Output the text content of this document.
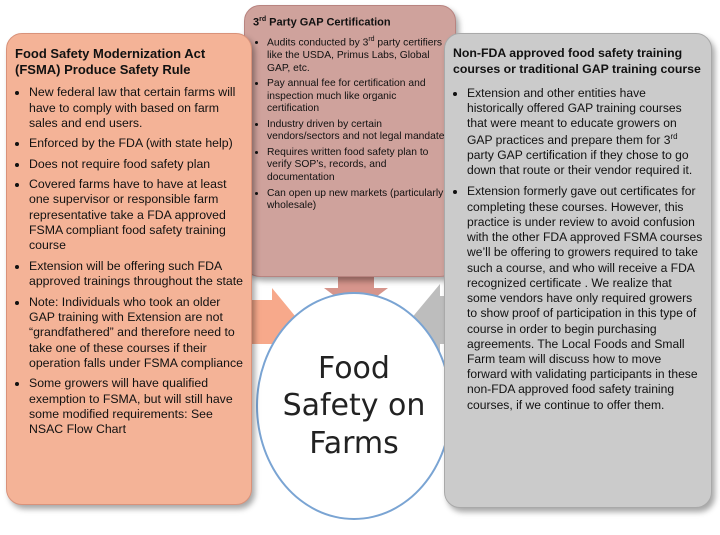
Food Safety on Farms
3rd Party GAP Certification
• Audits conducted by 3rd party certifiers like the USDA, Primus Labs, Global GAP, etc.
• Pay annual fee for certification and inspection much like organic certification
• Industry driven by certain vendors/sectors and not legal mandate
• Requires written food safety plan to verify SOP’s, records, and documentation
• Can open up new markets (particularly wholesale)
Food Safety Modernization Act (FSMA) Produce Safety Rule
• New federal law that certain farms will have to comply with based on farm sales and end users.
• Enforced by the FDA (with state help)
• Does not require food safety plan
• Covered farms have to have at least one supervisor or responsible farm representative take a FDA approved FSMA compliant food safety training course
• Extension will be offering such FDA approved trainings throughout the state
• Note: Individuals who took an older GAP training with Extension are not “grandfathered” and therefore need to take one of these courses if their operation falls under FSMA compliance
• Some growers will have qualified exemption to FSMA, but will still have some modified requirements: See NSAC Flow Chart
Non-FDA approved food safety training courses or traditional GAP training course
• Extension and other entities have historically offered GAP training courses that were meant to educate growers on GAP practices and prepare them for 3rd party GAP certification if they chose to go down that route or their vendor required it.
• Extension formerly gave out certificates for completing these courses. However, this practice is under review to avoid confusion with the other FDA approved FSMA courses we’ll be offering to growers required to take such a course, and who will receive a FDA recognized certificate . We realize that some vendors have only required growers to show proof of participation in this type of course in order to begin purchasing agreements. The Local Foods and Small Farm team will discuss how to move forward with validating participants in these non-FDA approved food safety training courses, if we continue to offer them.
